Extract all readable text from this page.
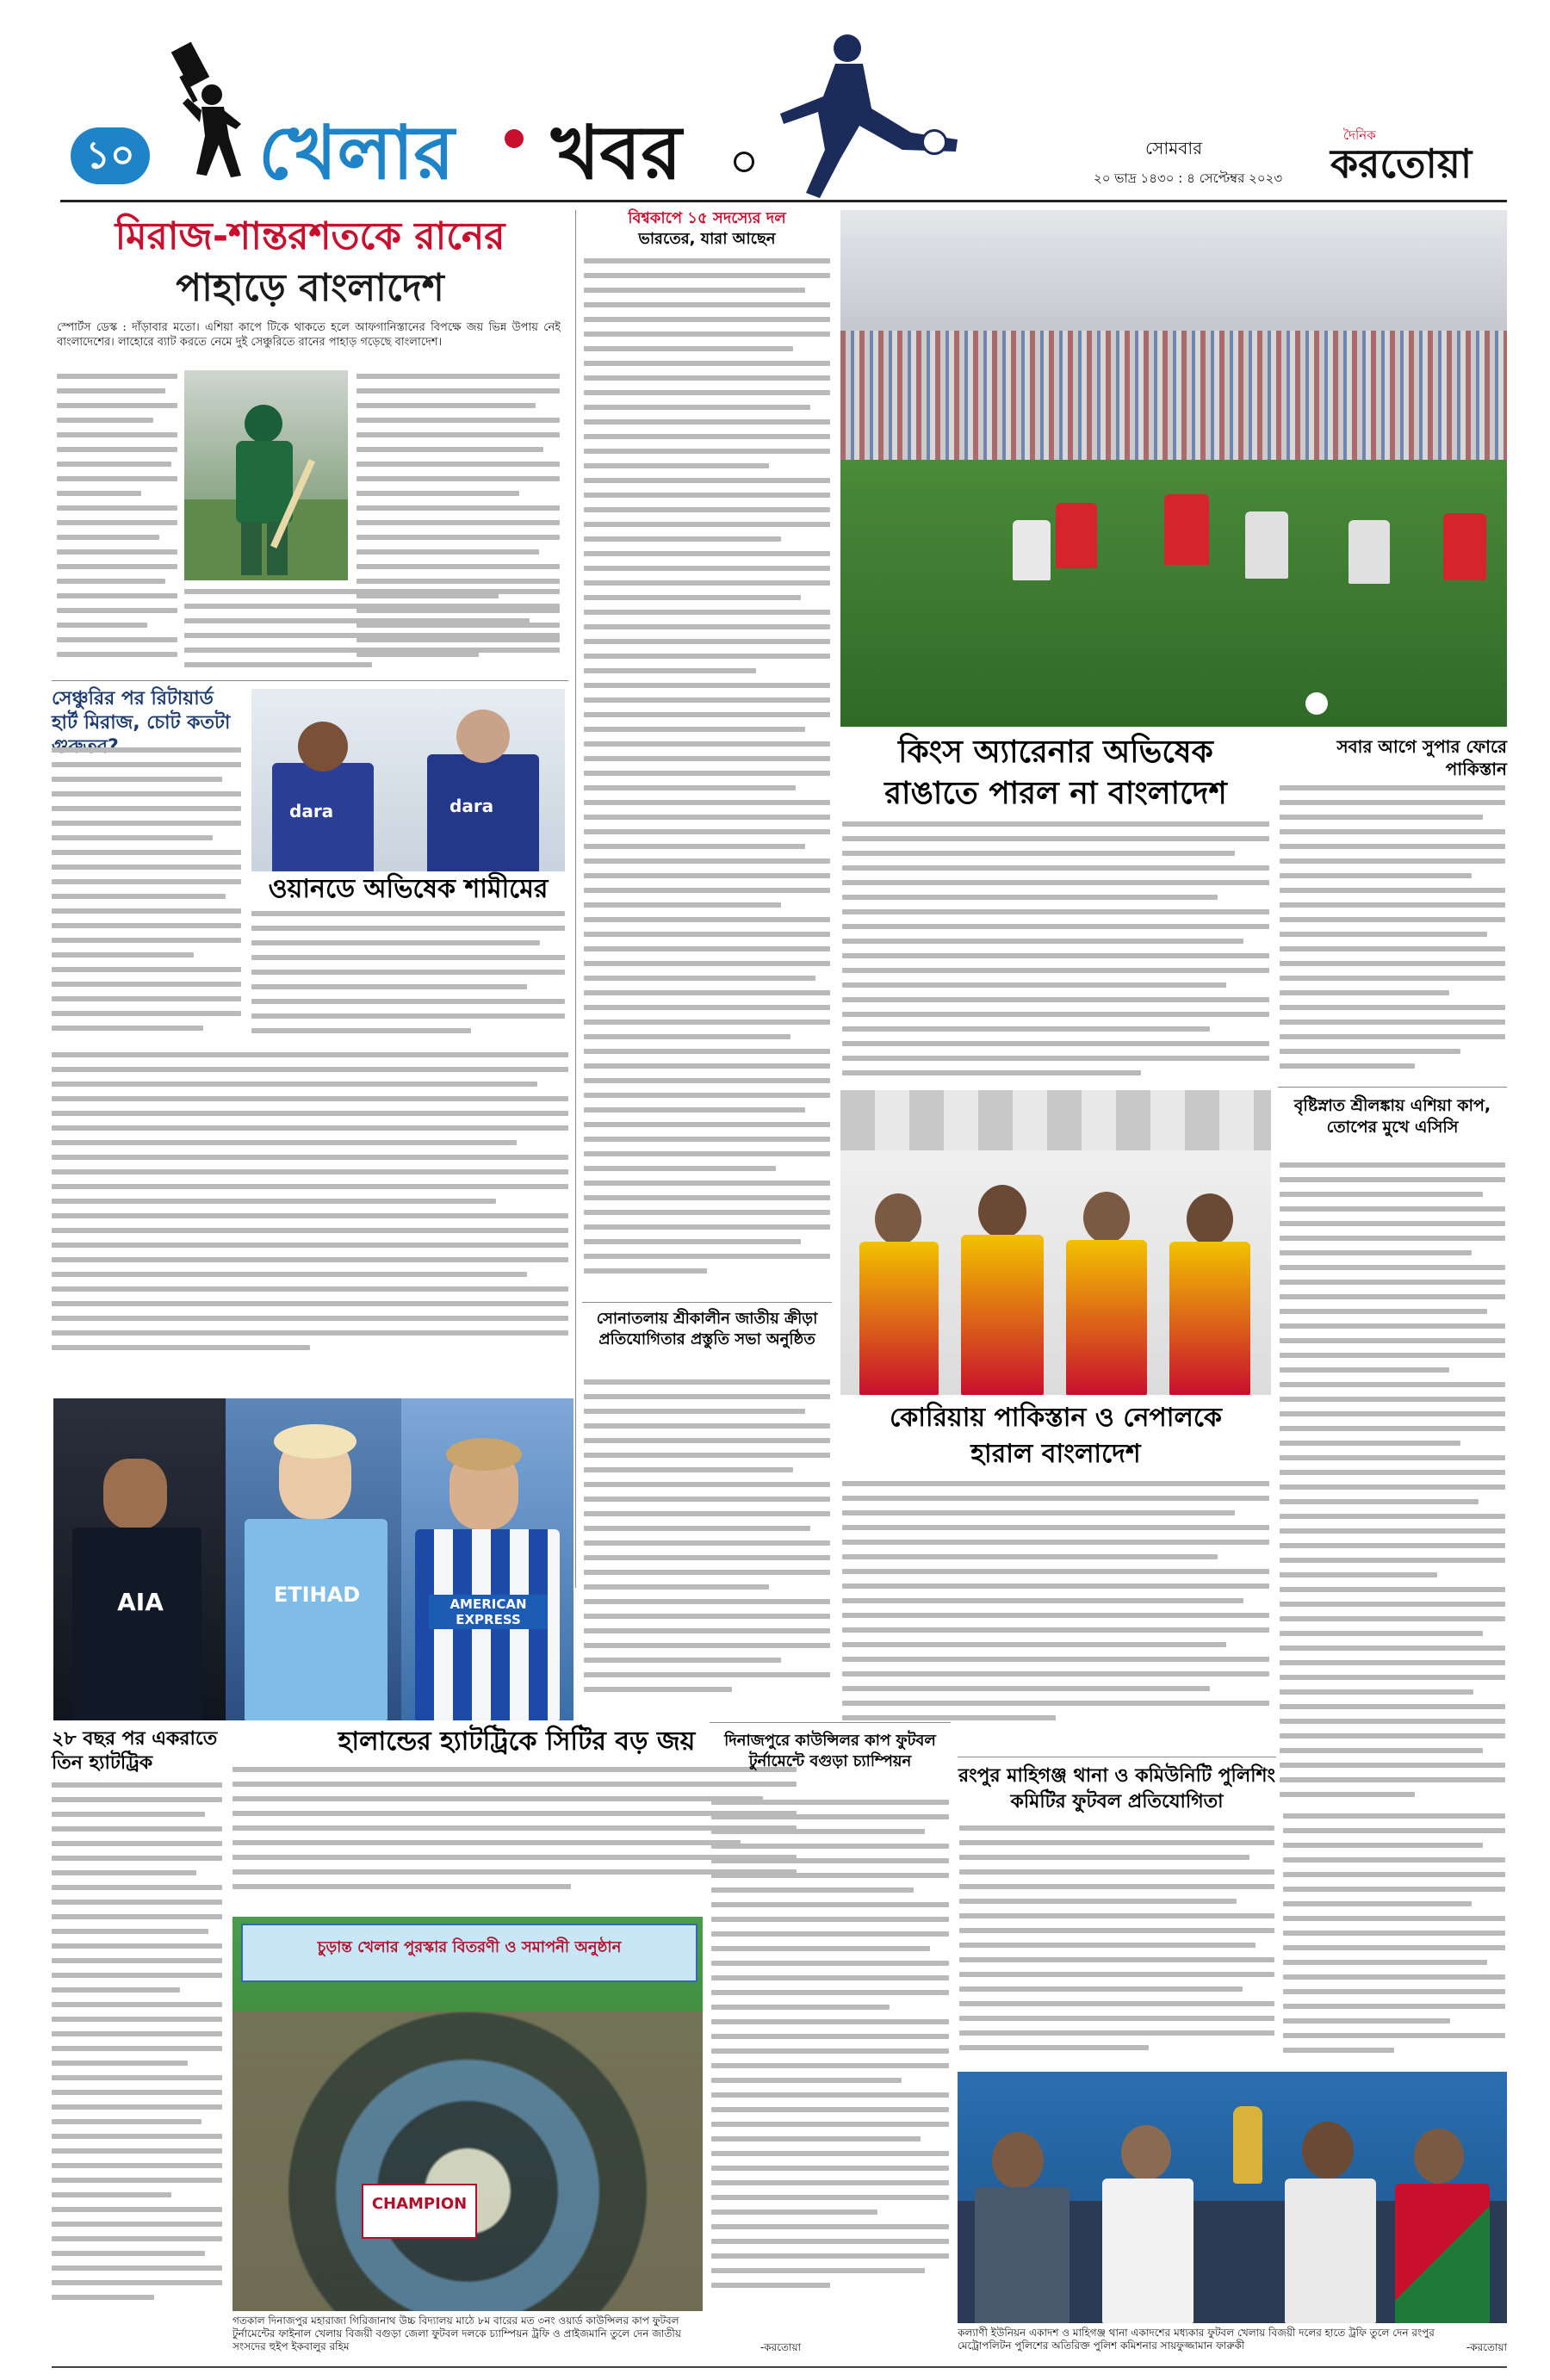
১০ খেলার	খবর	সোমবার
২০ ভাদ্র ১৪৩০ : ৪ সেপ্টেম্বর ২০২৩
দৈনিক
করতোয়া
মিরাজ-শান্তরশতকে রানের
পাহাড়ে বাংলাদেশ
স্পোর্টস ডেস্ক : দাঁড়াবার মতো। এশিয়া কাপে টিকে থাকতে হলে আফগানিস্তানের বিপক্ষে জয় ভিন্ন উপায় নেই বাংলাদেশের। লাহোরে ব্যাট করতে নেমে দুই সেঞ্চুরিতে রানের পাহাড় গড়েছে বাংলাদেশ।
সেঞ্চুরির পর রিটায়ার্ড হার্ট মিরাজ, চোট কতটা
dara	dara
ওয়ানডে অভিষেক শামীমের
AIA	ETIHAD	AMERICAN EXPRESS
২৮ বছর পর একরাতে তিন হ্যাটট্রিক
হালান্ডের হ্যাটট্রিকে সিটির বড় জয়
চুড়ান্ত খেলার পুরস্কার বিতরণী ও সমাপনী অনুষ্ঠান
CHAMPION
গতকাল দিনাজপুর মহারাজা গিরিজানাথ উচ্চ বিদ্যালয় মাঠে ৮ম বারের মত ৩নং ওয়ার্ড কাউন্সিলর কাপ ফুটবল টুর্নামেন্টের ফাইনাল খেলায় বিজয়ী বগুড়া জেলা ফুটবল দলকে চ্যাম্পিয়ন ট্রফি ও প্রাইজমানি তুলে দেন জাতীয় সংসদের হুইপ ইকবালুর রহিম	-করতোয়া
বিশ্বকাপে ১৫ সদস্যের দল
ভারতের, যারা আছেন
কিংস অ্যারেনার অভিষেক
রাঙাতে পারল না বাংলাদেশ
সবার আগে সুপার ফোরে পাকিস্তান
বৃষ্টিস্নাত শ্রীলঙ্কায় এশিয়া কাপ, তোপের মুখে এসিসি
সোনাতলায় শ্রীকালীন জাতীয় ক্রীড়া প্রতিযোগিতার প্রস্তুতি সভা অনুষ্ঠিত
কোরিয়ায় পাকিস্তান ও নেপালকে
হারাল বাংলাদেশ
দিনাজপুরে কাউন্সিলর কাপ ফুটবল টুর্নামেন্টে বগুড়া চ্যাম্পিয়ন
রংপুর মাহিগঞ্জ থানা ও কমিউনিটি পুলিশিং কমিটির ফুটবল প্রতিযোগিতা
কল্যাণী ইউনিয়ন একাদশ ও মাহিগঞ্জ থানা একাদশের মধ্যকার ফুটবল খেলায় বিজয়ী দলের হাতে ট্রফি তুলে দেন রংপুর মেট্রোপলিটন পুলিশের অতিরিক্ত পুলিশ কমিশনার সায়ফুজ্জামান ফারুকী	-করতোয়া
